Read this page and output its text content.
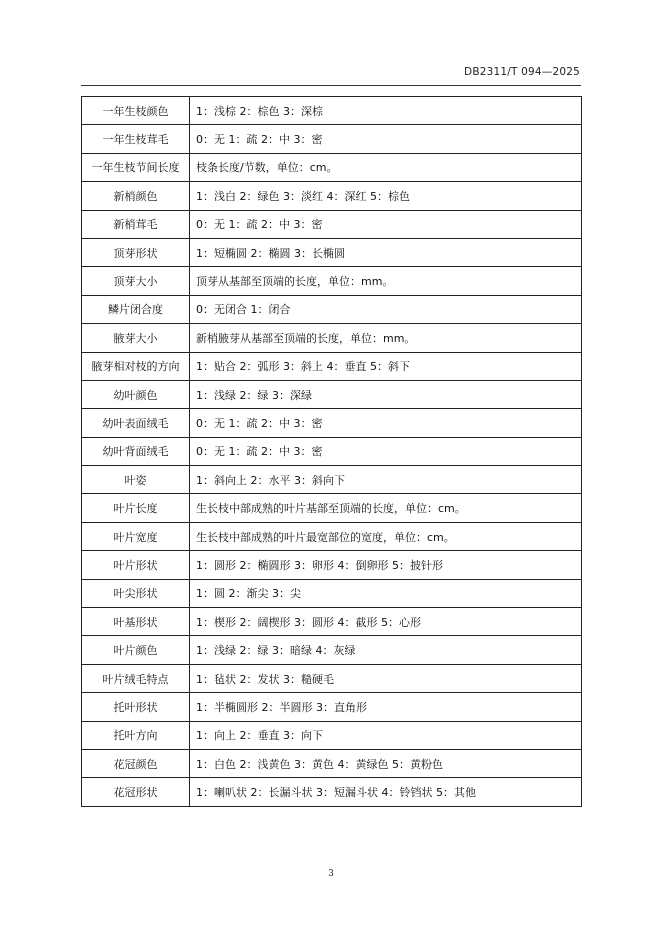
DB2311/T 094—2025
一年生枝颜色	1：浅棕 2：棕色 3：深棕
一年生枝茸毛	0：无 1：疏 2：中 3：密
一年生枝节间长度	枝条长度/节数，单位：cm。
新梢颜色	1：浅白 2：绿色 3：淡红 4：深红 5：棕色
新梢茸毛	0：无 1：疏 2：中 3：密
顶芽形状	1：短椭圆 2：椭圆 3：长椭圆
顶芽大小	顶芽从基部至顶端的长度，单位：mm。
鳞片闭合度	0：无闭合 1：闭合
腋芽大小	新梢腋芽从基部至顶端的长度，单位：mm。
腋芽相对枝的方向	1：贴合 2：弧形 3：斜上 4：垂直 5：斜下
幼叶颜色	1：浅绿 2：绿 3：深绿
幼叶表面绒毛	0：无 1：疏 2：中 3：密
幼叶背面绒毛	0：无 1：疏 2：中 3：密
叶姿	1：斜向上 2：水平 3：斜向下
叶片长度	生长枝中部成熟的叶片基部至顶端的长度，单位：cm。
叶片宽度	生长枝中部成熟的叶片最宽部位的宽度，单位：cm。
叶片形状	1：圆形 2：椭圆形 3：卵形 4：倒卵形 5：披针形
叶尖形状	1：圆 2：渐尖 3：尖
叶基形状	1：楔形 2：阔楔形 3：圆形 4：截形 5：心形
叶片颜色	1：浅绿 2：绿 3：暗绿 4：灰绿
叶片绒毛特点	1：毡状 2：发状 3：糙硬毛
托叶形状	1：半椭圆形 2：半圆形 3：直角形
托叶方向	1：向上 2：垂直 3：向下
花冠颜色	1：白色 2：浅黄色 3：黄色 4：黄绿色 5：黄粉色
花冠形状	1：喇叭状 2：长漏斗状 3：短漏斗状 4：铃铛状 5：其他
3
